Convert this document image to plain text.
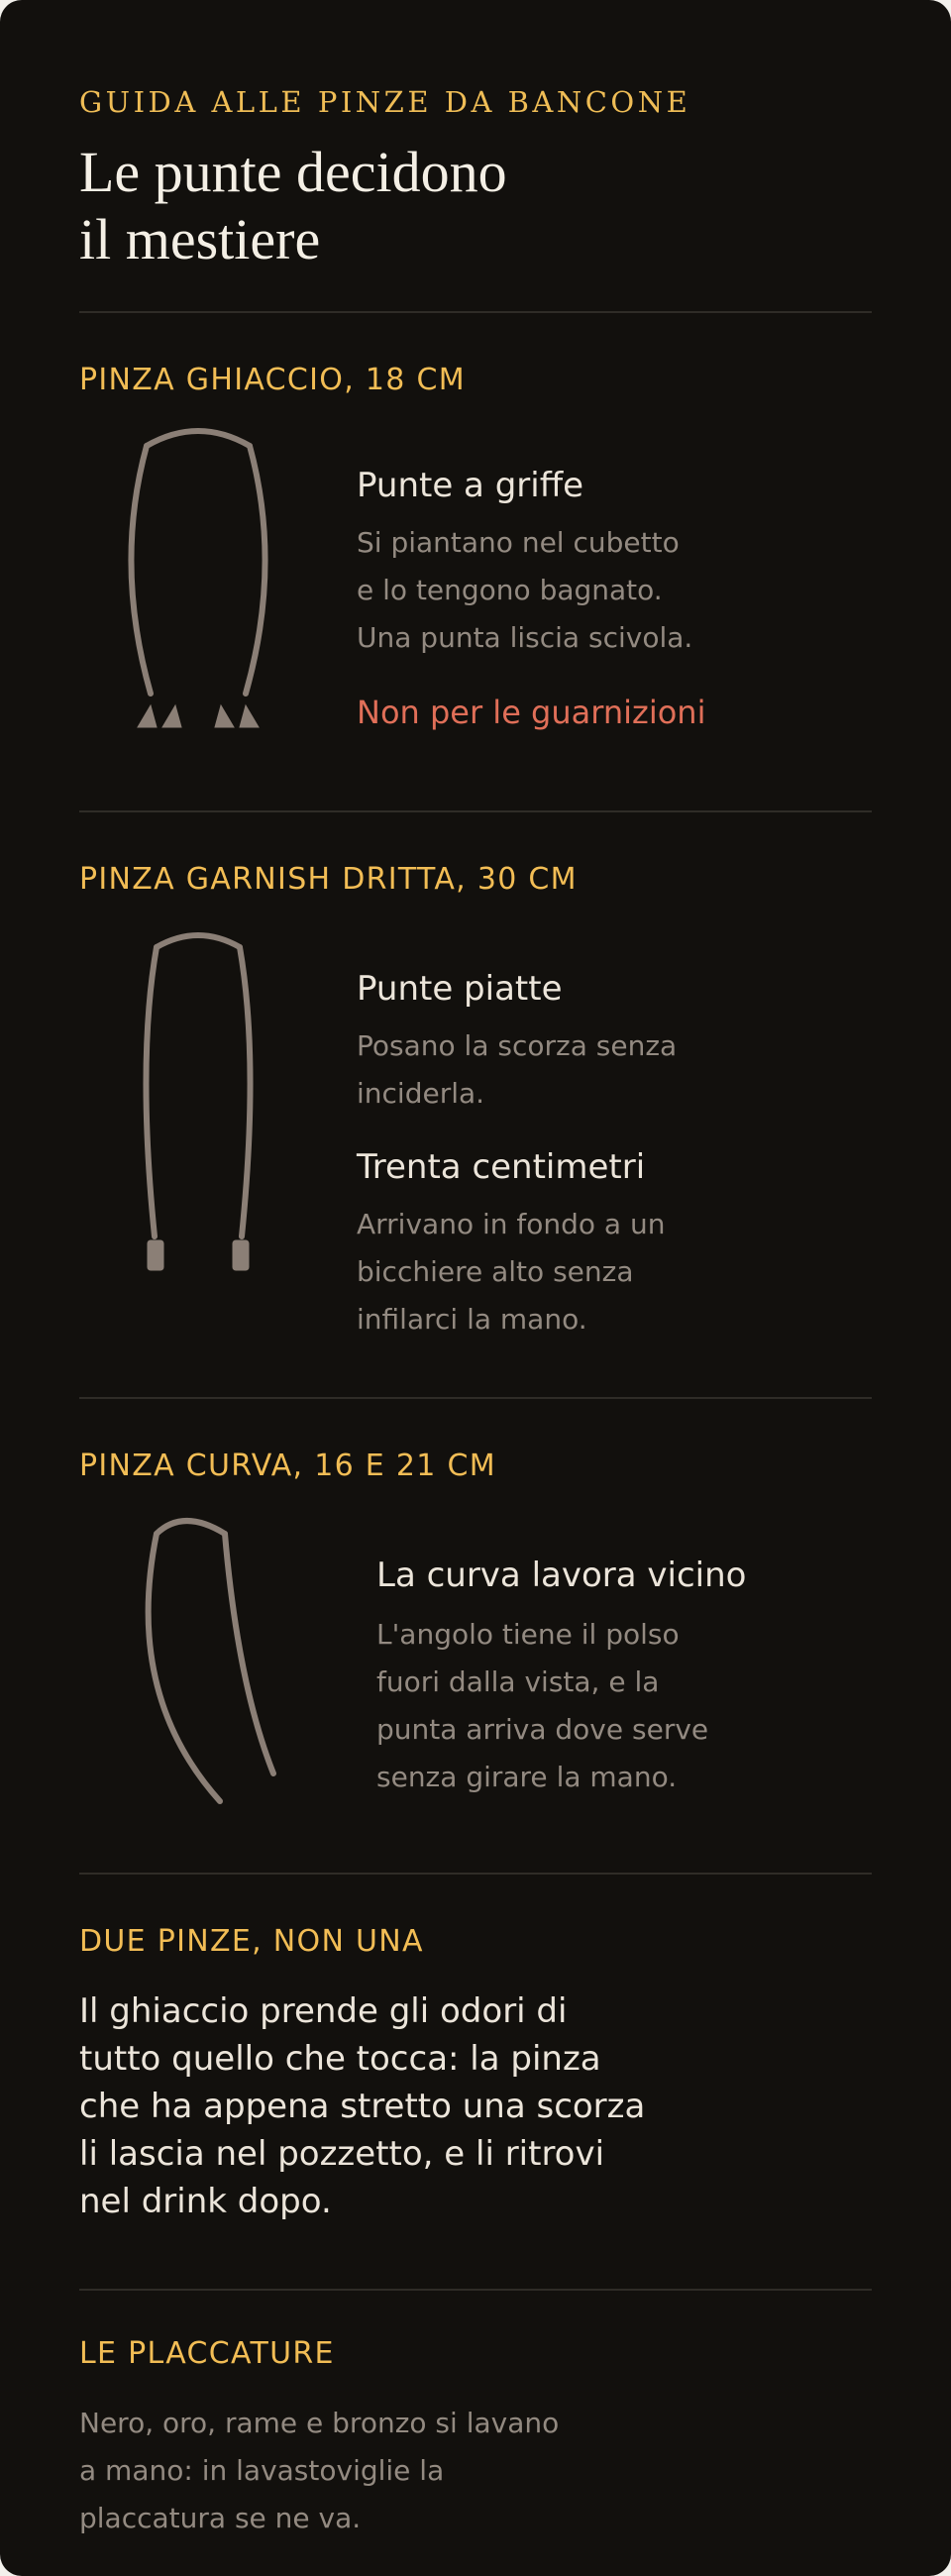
GUIDA ALLE PINZE DA BANCONE

Le punte decidono
il mestiere
PINZA GHIACCIO, 18 CM
Punte a griffe

Si piantano nel cubetto
e lo tengono bagnato.
Una punta liscia scivola.

Non per le guarnizioni
PINZA GARNISH DRITTA, 30 CM
Punte piatte

Posano la scorza senza
inciderla.

Trenta centimetri

Arrivano in fondo a un
bicchiere alto senza
infilarci la mano.

PINZA CURVA, 16 E 21 CM
La curva lavora vicino

L'angolo tiene il polso
fuori dalla vista, e la
punta arriva dove serve
senza girare la mano.

DUE PINZE, NON UNA

Il ghiaccio prende gli odori di
tutto quello che tocca: la pinza
che ha appena stretto una scorza
li lascia nel pozzetto, e li ritrovi
nel drink dopo.

LE PLACCATURE

Nero, oro, rame e bronzo si lavano
a mano: in lavastoviglie la
placcatura se ne va.
